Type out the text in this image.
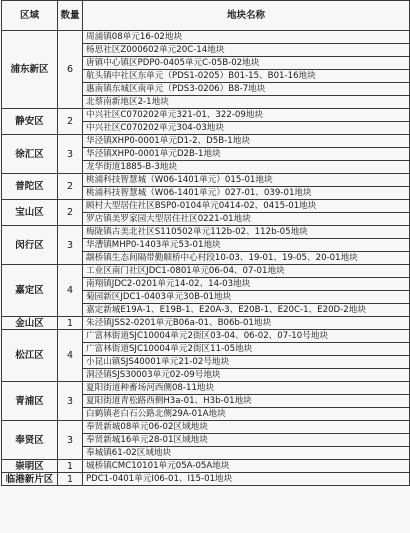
区域	数量	地块名称
浦东新区	6	周浦镇08单元16-02地块
		杨思社区Z000602单元20C-14地块
		唐镇中心镇区PDP0-0405单元C-05B-02地块
		航头镇中社区东单元（PDS1-0205）B01-15、B01-16地块
		惠南镇东城区南单元（PDS3-0206）B8-7地块
		北蔡南新地区2-1地块
静安区	2	中兴社区C070202单元321-01、322-09地块
		中兴社区C070202单元304-03地块
徐汇区	3	华泾镇XHP0-0001单元D1-2、D5B-1地块
		华泾镇XHP0-0001单元D2B-1地块
		龙华街道1885-B-3地块
普陀区	2	桃浦科技智慧城（W06-1401单元）015-01地块
		桃浦科技智慧城（W06-1401单元）027-01、039-01地块
宝山区	2	顾村大型居住社区BSP0-0104单元0414-02、0415-01地块
		罗店镇美罗家园大型居住社区0221-01地块
闵行区	3	梅陇镇古美北社区S110502单元112b-02、112b-05地块
		华漕镇MHP0-1403单元53-01地块
		颛桥镇生态间隔带勤顺桥中心村段10-03、19-01、19-05、20-01地块
嘉定区	4	工业区南门社区JDC1-0801单元06-04、07-01地块
		南翔镇JDC2-0201单元14-02、14-03地块
		菊园新区JDC1-0403单元30B-01地块
		嘉定新城E19A-1、E19B-1、E20A-3、E20B-1、E20C-1、E20D-2地块
金山区	1	朱泾镇JSS2-0201单元B06a-01、B06b-01地块
松江区	4	广富林街道SJC10004单元2街区03-04、06-02、07-10号地块
		广富林街道SJC10004单元2街区11-05地块
		小昆山镇SJS40001单元21-02号地块
		洞泾镇SJS30003单元02-09号地块
青浦区	3	夏阳街道种畜场河西侧08-11地块
		夏阳街道青松路西侧H3a-01、H3b-01地块
		白鹤镇老白石公路北侧29A-01A地块
奉贤区	3	奉贤新城08单元06-02区域地块
		奉贤新城16单元28-01区域地块
		奉城镇61-02区域地块
崇明区	1	城桥镇CMC10101单元05A-05A地块
临港新片区	1	PDC1-0401单元I06-01、I15-01地块
